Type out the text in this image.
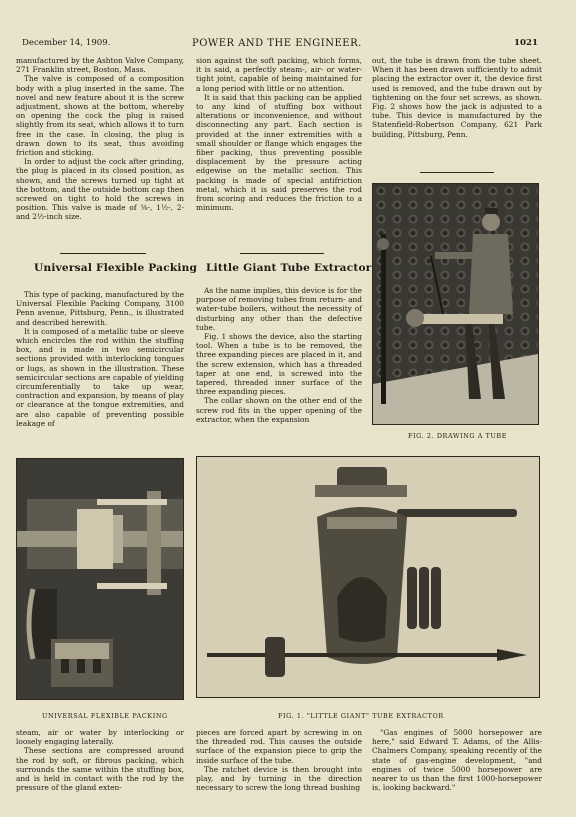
December 14, 1909.	POWER AND THE ENGINEER.	1021

manufactured by the Ashton Valve Company, 271 Franklin street, Boston, Mass.

The valve is composed of a composition body with a plug inserted in the same. The novel and new feature about it is the screw adjustment, shown at the bottom, whereby on opening the cock the plug is raised slightly from its seat, which allows it to turn free in the case. In closing, the plug is drawn down to its seat, thus avoiding friction and sticking.

In order to adjust the cock after grinding, the plug is placed in its closed position, as shown, and the screws turned up tight at the bottom, and the outside bottom cap then screwed on tight to hold the screws in position. This valve is made of ⅜-, 1½-, 2- and 2½-inch size.

Universal Flexible Packing

This type of packing, manufactured by the Universal Flexible Packing Company, 3100 Penn avenue, Pittsburg, Penn., is illustrated and described herewith.

It is composed of a metallic tube or sleeve which encircles the rod within the stuffing box, and is made in two semicircular sections provided with interlocking tongues or lugs, as shown in the illustration. These semicircular sections are capable of yielding circumferentially to take up wear, contraction and expansion, by means of play or clearance at the tongue extremities, and are also capable of preventing possible leakage of

sion against the soft packing, which forms, it is said, a perfectly steam-, air- or water-tight joint, capable of being maintained for a long period with little or no attention.

It is said that this packing can be applied to any kind of stuffing box without alterations or inconvenience, and without disconnecting any part. Each section is provided at the inner extremities with a small shoulder or flange which engages the fiber packing, thus preventing possible displacement by the pressure acting edgewise on the metallic section. This packing is made of special antifriction metal, which it is said preserves the rod from scoring and reduces the friction to a minimum.

Little Giant Tube Extractor

As the name implies, this device is for the purpose of removing tubes from return- and water-tube boilers, without the necessity of disturbing any other than the defective tube.

Fig. 1 shows the device, also the starting tool. When a tube is to be removed, the three expanding pieces are placed in it, and the screw extension, which has a threaded taper at one end, is screwed into the tapered, threaded inner surface of the three expanding pieces.

The collar shown on the other end of the screw rod fits in the upper opening of the extractor, when the expansion

out, the tube is drawn from the tube sheet. When it has been drawn sufficiently to admit placing the extractor over it, the device first used is removed, and the tube drawn out by tightening on the four set screws, as shown. Fig. 2 shows how the jack is adjusted to a tube. This device is manufactured by the Statenfield-Robertson Company, 621 Park building, Pittsburg, Penn.

FIG. 2. DRAWING A TUBE
UNIVERSAL FLEXIBLE PACKING	FIG. 1. "LITTLE GIANT" TUBE EXTRACTOR

steam, air or water by interlocking or loosely engaging laterally.

These sections are compressed around the rod by soft, or fibrous packing, which surrounds the same within the stuffing box, and is held in contact with the rod by the pressure of the gland exten-

pieces are forced apart by screwing in on the threaded rod. This causes the outside surface of the expansion piece to grip the inside surface of the tube.

The ratchet device is then brought into play, and by turning in the direction necessary to screw the long thread bushing

"Gas engines of 5000 horsepower are here," said Edward T. Adams, of the Allis-Chalmers Company, speaking recently of the state of gas-engine development, "and engines of twice 5000 horsepower are nearer to us than the first 1000-horsepower is, looking backward."
